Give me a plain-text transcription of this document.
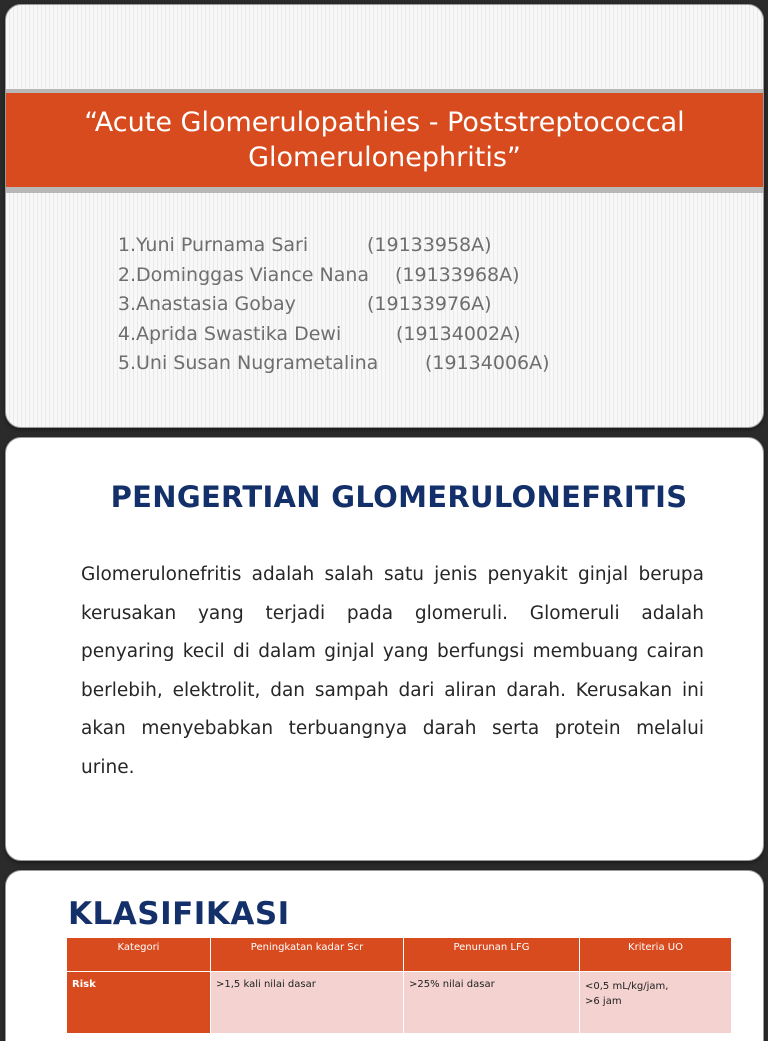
“Acute Glomerulopathies - Poststreptococcal Glomerulonephritis”
1. Yuni Purnama Sari	(19133958A)
2. Dominggas Viance Nana (19133968A)
3. Anastasia Gobay	(19133976A)
4. Aprida Swastika Dewi	(19134002A)
5. Uni Susan Nugrametalina (19134006A)
PENGERTIAN GLOMERULONEFRITIS

Glomerulonefritis adalah salah satu jenis penyakit ginjal berupa kerusakan yang terjadi pada glomeruli. Glomeruli adalah penyaring kecil di dalam ginjal yang berfungsi membuang cairan berlebih, elektrolit, dan sampah dari aliran darah. Kerusakan ini akan menyebabkan terbuangnya darah serta protein melalui urine.

KLASIFIKASI
Kategori	Peningkatan kadar Scr	Penurunan LFG	Kriteria UO
Risk	>1,5 kali nilai dasar	>25% nilai dasar	<0,5 mL/kg/jam,
>6 jam
